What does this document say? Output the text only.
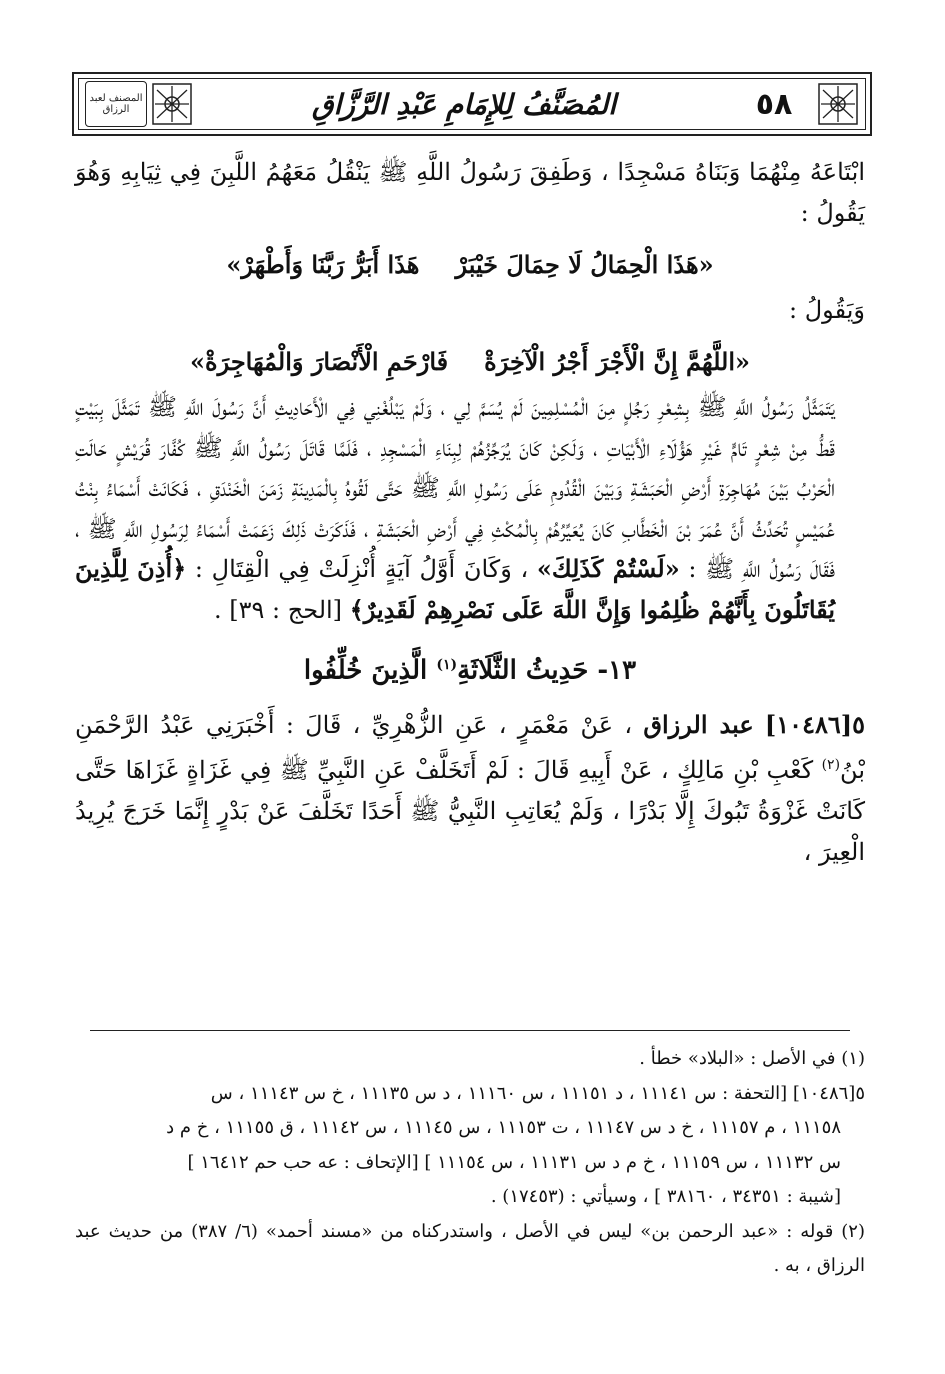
٥٨
المُصَنَّفُ لِلإِمَامِ عَبْدِ الرَّزَّاقِ
المصنف لعبد الرزاق

ابْتَاعَهُ مِنْهُمَا وَبَنَاهُ مَسْجِدًا ، وَطَفِقَ رَسُولُ اللَّهِ ﷺ يَنْقُلُ مَعَهُمُ اللَّبِنَ فِي ثِيَابِهِ وَهُوَ يَقُولُ :

«هَذَا الْحِمَالُ لَا حِمَالَ خَيْبَرْهَذَا أَبَرُّ رَبَّنَا وَأَطْهَرْ»

وَيَقُولُ :

«اللَّهُمَّ إِنَّ الْأَجْرَ أَجْرُ الْآخِرَةْفَارْحَمِ الْأَنْصَارَ وَالْمُهَاجِرَةْ»

يَتَمَثَّلُ رَسُولُ اللَّهِ ﷺ بِشِعْرِ رَجُلٍ مِنَ الْمُسْلِمِينَ لَمْ يُسَمَّ لِي ، وَلَمْ يَبْلُغْنِي فِي الْأَحَادِيثِ أَنَّ رَسُولَ اللَّهِ ﷺ تَمَثَّلَ بِبَيْتٍ قَطُّ مِنْ شِعْرٍ تَامٍّ غَيْرِ هَؤُلَاءِ الْأَبْيَاتِ ، وَلَكِنْ كَانَ يُرَجِّزُهُمْ لِبِنَاءِ الْمَسْجِدِ ، فَلَمَّا قَاتَلَ رَسُولُ اللَّهِ ﷺ كُفَّارَ قُرَيْشٍ حَالَتِ الْحَرْبُ بَيْنَ مُهَاجِرَةِ أَرْضِ الْحَبَشَةِ وَبَيْنَ الْقُدُومِ عَلَى رَسُولِ اللَّهِ ﷺ حَتَّى لَقُوهُ بِالْمَدِينَةِ زَمَنَ الْخَنْدَقِ ، فَكَانَتْ أَسْمَاءُ بِنْتُ عُمَيْسٍ تُحَدِّثُ أَنَّ عُمَرَ بْنَ الْخَطَّابِ كَانَ يُعَيِّرُهُمْ بِالْمُكْثِ فِي أَرْضِ الْحَبَشَةِ ، فَذَكَرَتْ ذَلِكَ زَعَمَتْ أَسْمَاءُ لِرَسُولِ اللَّهِ ﷺ ، فَقَالَ رَسُولُ اللَّهِ ﷺ : «لَسْتُمْ كَذَلِكَ» ، وَكَانَ أَوَّلُ آيَةٍ أُنْزِلَتْ فِي الْقِتَالِ : ﴿أُذِنَ لِلَّذِينَ يُقَاتَلُونَ بِأَنَّهُمْ ظُلِمُوا وَإِنَّ اللَّهَ عَلَى نَصْرِهِمْ لَقَدِيرٌ﴾ [الحج : ٣٩] .

١٣- حَدِيثُ الثَّلَاثَةِ$^{(١)}$ الَّذِينَ خُلِّفُوا

٥[١٠٤٨٦] عبد الرزاق ، عَنْ مَعْمَرٍ ، عَنِ الزُّهْرِيِّ ، قَالَ : أَخْبَرَنِي عَبْدُ الرَّحْمَنِ بْنُ$^{(٢)}$ كَعْبِ بْنِ مَالِكٍ ، عَنْ أَبِيهِ قَالَ : لَمْ أَتَخَلَّفْ عَنِ النَّبِيِّ ﷺ فِي غَزَاةٍ غَزَاهَا حَتَّى كَانَتْ غَزْوَةُ تَبُوكَ إِلَّا بَدْرًا ، وَلَمْ يُعَاتِبِ النَّبِيُّ ﷺ أَحَدًا تَخَلَّفَ عَنْ بَدْرٍ إِنَّمَا خَرَجَ يُرِيدُ الْعِيرَ ،

(١) في الأصل : «البلاد» خطأ .

٥[١٠٤٨٦] [التحفة : س ١١١٤١ ، د ١١١٥١ ، س ١١١٦٠ ، د س ١١١٣٥ ، خ س ١١١٤٣ ، س

١١١٥٨ ، م ١١١٥٧ ، خ د س ١١١٤٧ ، ت ١١١٥٣ ، س ١١١٤٥ ، س ١١١٤٢ ، ق ١١١٥٥ ، خ م د

س ١١١٣٢ ، س ١١١٥٩ ، خ م د س ١١١٣١ ، س ١١١٥٤ ] [الإتحاف : عه حب حم ١٦٤١٢ ]

[شيبة : ٣٤٣٥١ ، ٣٨١٦٠ ] ، وسيأتي : (١٧٤٥٣) .

(٢) قوله : «عبد الرحمن بن» ليس في الأصل ، واستدركناه من «مسند أحمد» (٦/ ٣٨٧) من حديث عبد الرزاق ، به .
